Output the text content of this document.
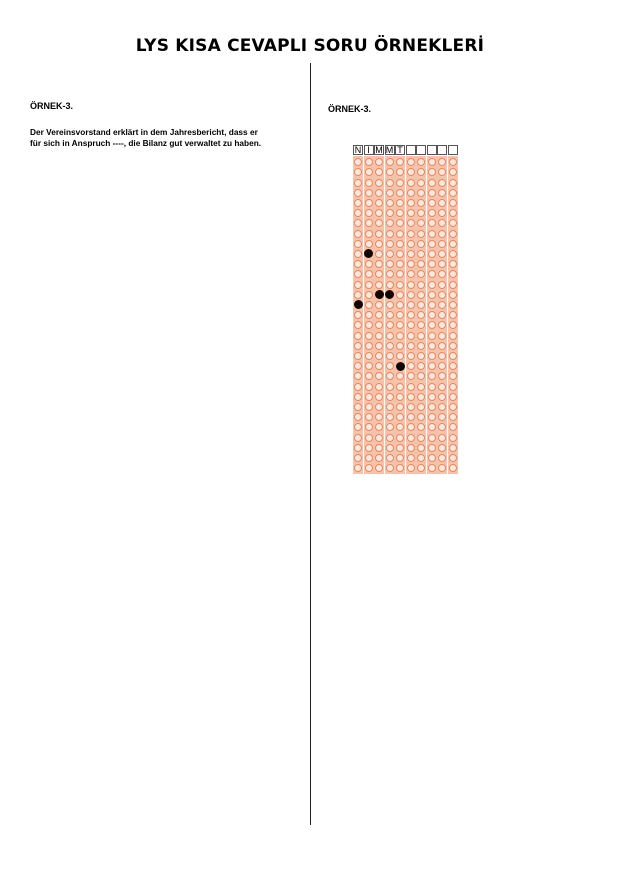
LYS KISA CEVAPLI SORU ÖRNEKLERİ
ÖRNEK-3.
Der Vereinsvorstand erklärt in dem Jahresbericht, dass er
für sich in Anspruch ----, die Bilanz gut verwaltet zu haben.
ÖRNEK-3.
N I M M T
